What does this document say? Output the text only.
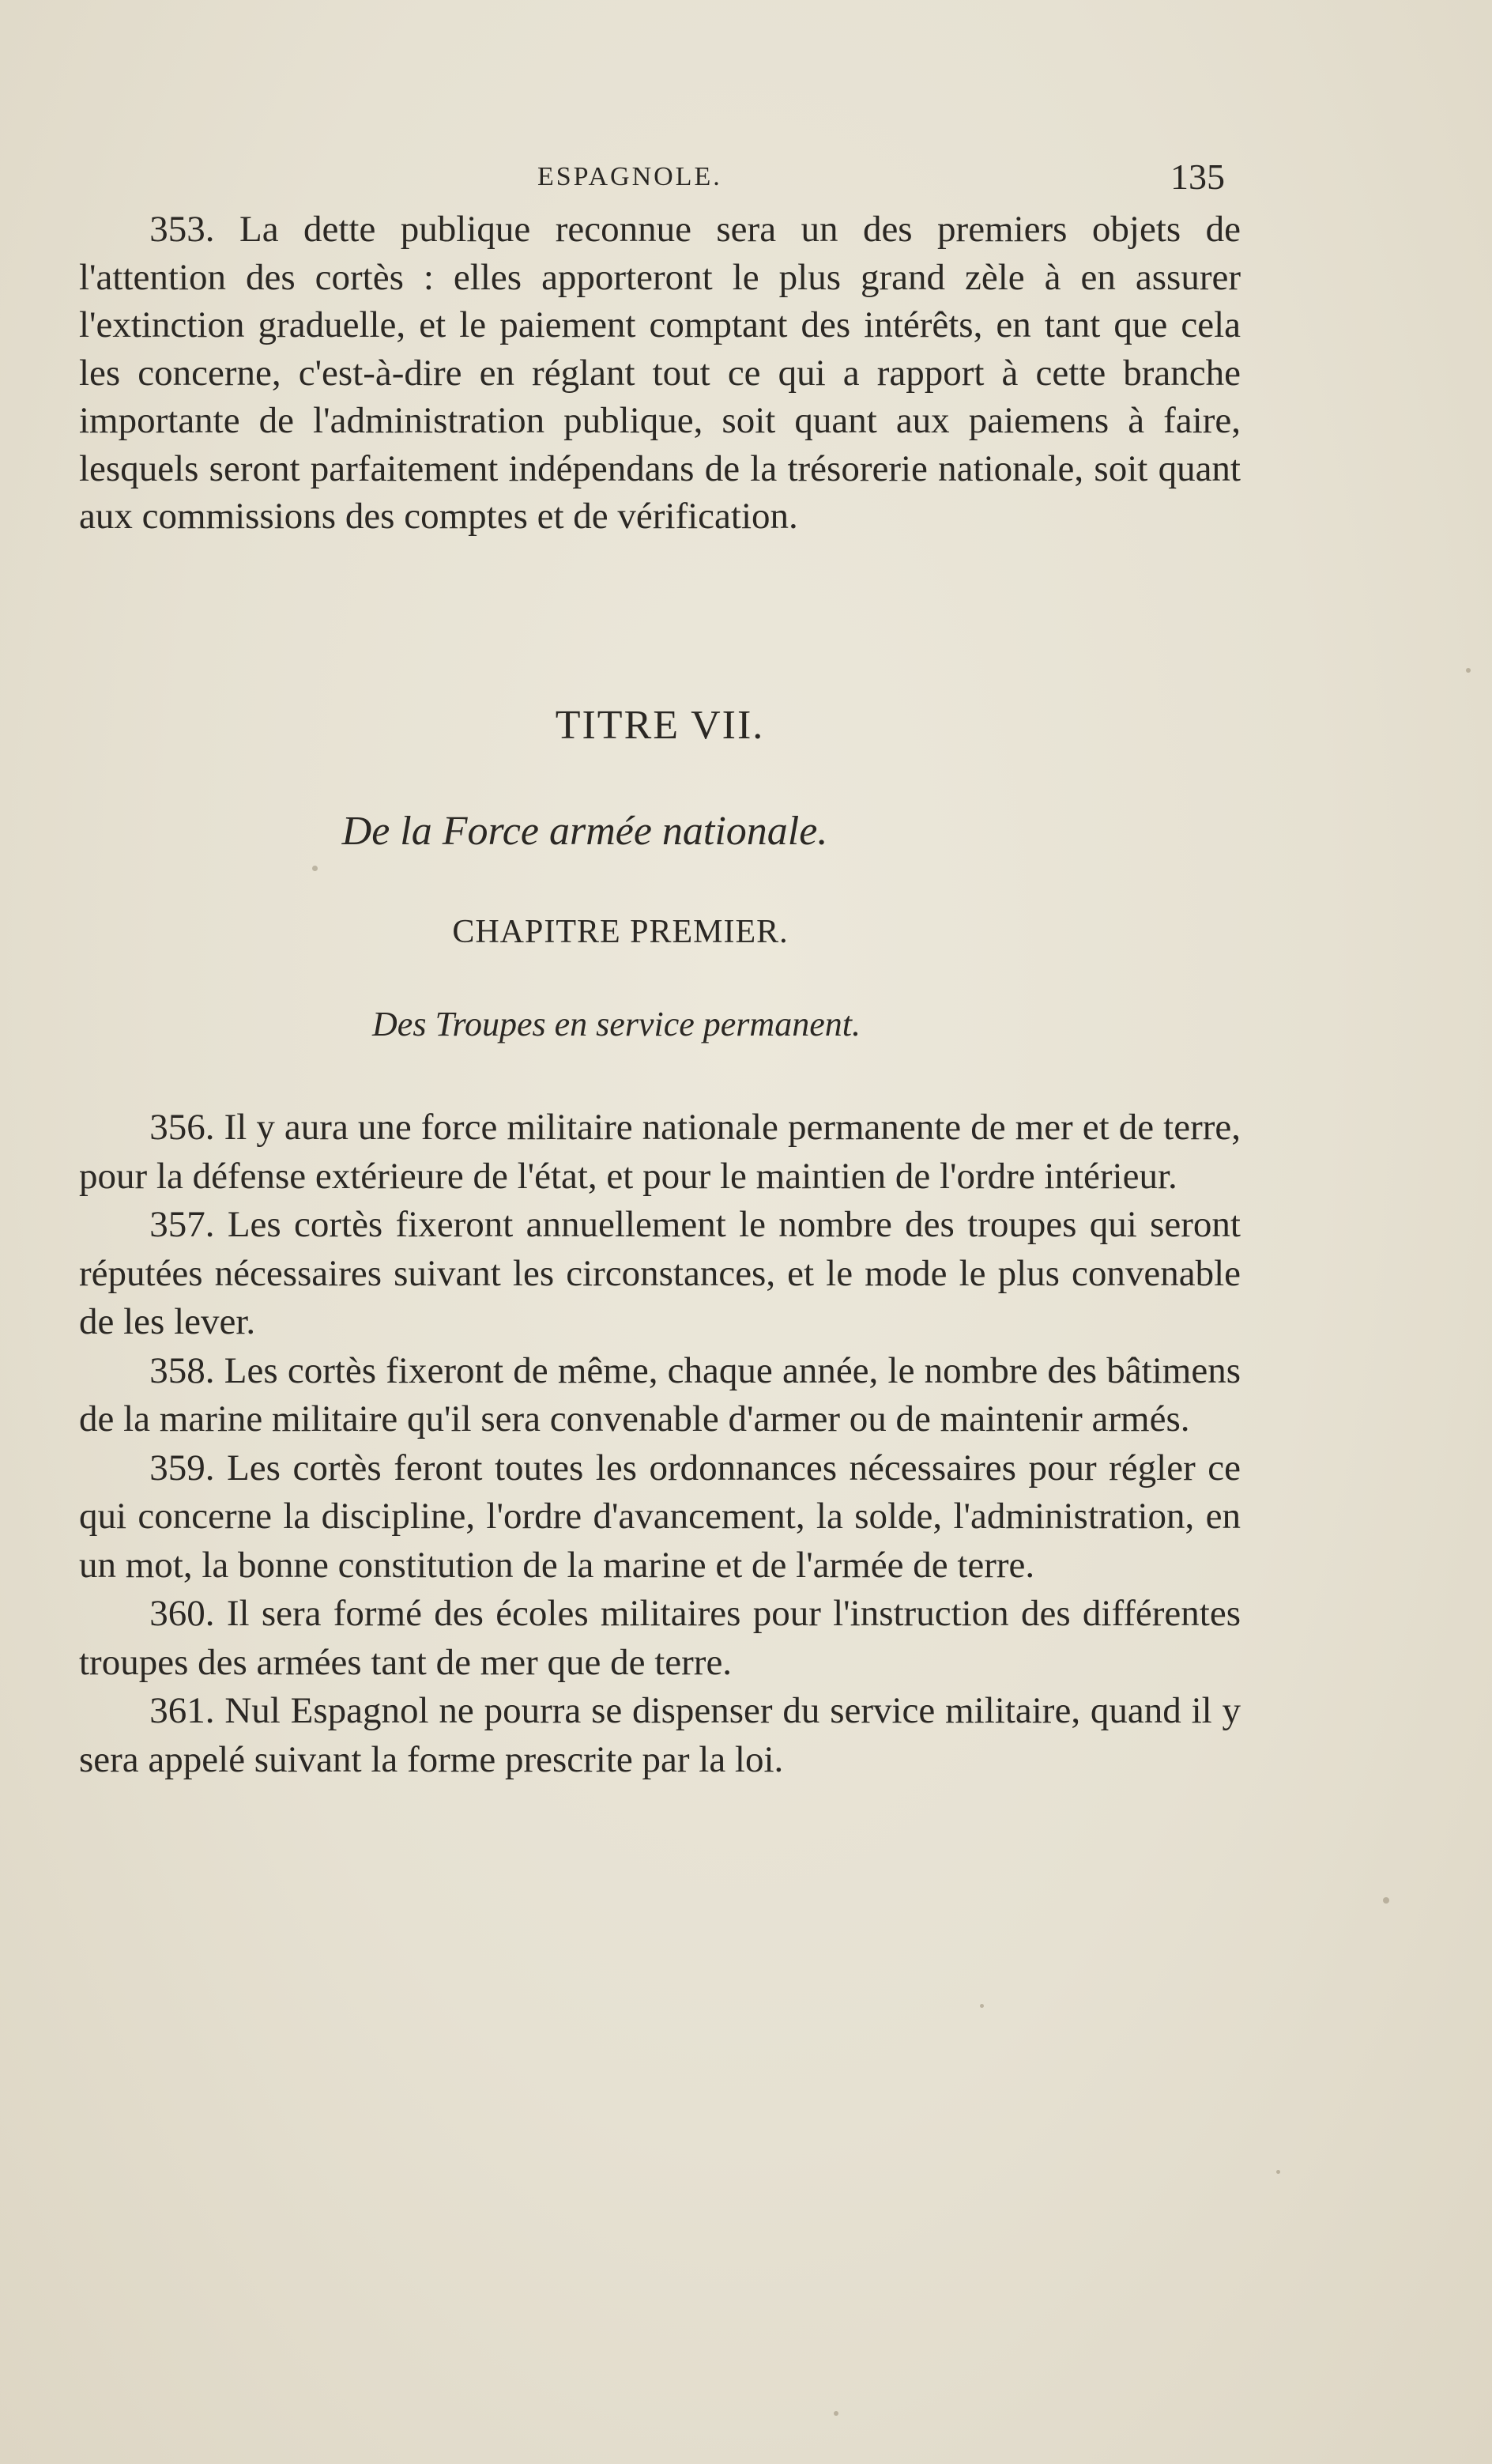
ESPAGNOLE.	135

353. La dette publique reconnue sera un des premiers objets de l'attention des cortès : elles apporteront le plus grand zèle à en assurer l'extinction graduelle, et le paiement comptant des intérêts, en tant que cela les concerne, c'est-à-dire en réglant tout ce qui a rapport à cette branche importante de l'administration publique, soit quant aux paiemens à faire, lesquels seront parfaitement indépendans de la trésorerie nationale, soit quant aux commissions des comptes et de vérification.

TITRE VII.
De la Force armée nationale.
CHAPITRE PREMIER.
Des Troupes en service permanent.

356. Il y aura une force militaire nationale permanente de mer et de terre, pour la défense extérieure de l'état, et pour le maintien de l'ordre intérieur.

357. Les cortès fixeront annuellement le nombre des troupes qui seront réputées nécessaires suivant les circonstances, et le mode le plus convenable de les lever.

358. Les cortès fixeront de même, chaque année, le nombre des bâtimens de la marine militaire qu'il sera convenable d'armer ou de maintenir armés.

359. Les cortès feront toutes les ordonnances nécessaires pour régler ce qui concerne la discipline, l'ordre d'avancement, la solde, l'administration, en un mot, la bonne constitution de la marine et de l'armée de terre.

360. Il sera formé des écoles militaires pour l'instruction des différentes troupes des armées tant de mer que de terre.

361. Nul Espagnol ne pourra se dispenser du service militaire, quand il y sera appelé suivant la forme prescrite par la loi.
